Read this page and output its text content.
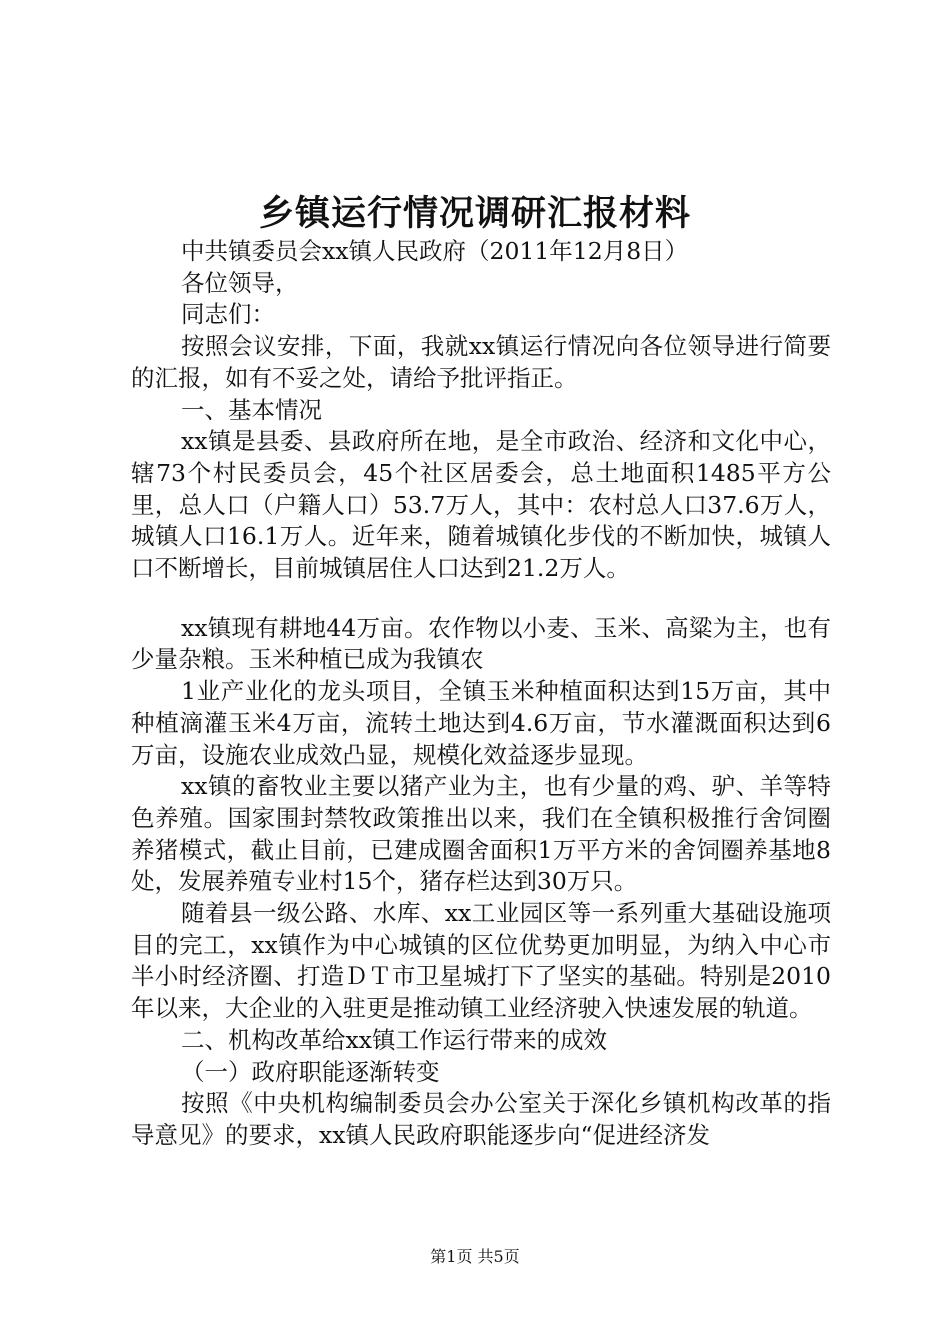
乡镇运行情况调研汇报材料

中共镇委员会xx镇人民政府（2011年12月8日）

各位领导，

同志们：

按照会议安排，下面，我就xx镇运行情况向各位领导进行简要的汇报，如有不妥之处，请给予批评指正。

一、基本情况

xx镇是县委、县政府所在地，是全市政治、经济和文化中心，辖73个村民委员会，45个社区居委会，总土地面积1485平方公里，总人口（户籍人口）53.7万人，其中：农村总人口37.6万人，城镇人口16.1万人。近年来，随着城镇化步伐的不断加快，城镇人口不断增长，目前城镇居住人口达到21.2万人。

xx镇现有耕地44万亩。农作物以小麦、玉米、高粱为主，也有少量杂粮。玉米种植已成为我镇农

1业产业化的龙头项目，全镇玉米种植面积达到15万亩，其中种植滴灌玉米4万亩，流转土地达到4.6万亩，节水灌溉面积达到6万亩，设施农业成效凸显，规模化效益逐步显现。

xx镇的畜牧业主要以猪产业为主，也有少量的鸡、驴、羊等特色养殖。国家围封禁牧政策推出以来，我们在全镇积极推行舍饲圈养猪模式，截止目前，已建成圈舍面积1万平方米的舍饲圈养基地8处，发展养殖专业村15个，猪存栏达到30万只。

随着县一级公路、水库、xx工业园区等一系列重大基础设施项目的完工，xx镇作为中心城镇的区位优势更加明显，为纳入中心市半小时经济圈、打造ＤＴ市卫星城打下了坚实的基础。特别是2010年以来，大企业的入驻更是推动镇工业经济驶入快速发展的轨道。

二、机构改革给xx镇工作运行带来的成效

（一）政府职能逐渐转变

按照《中央机构编制委员会办公室关于深化乡镇机构改革的指导意见》的要求，xx镇人民政府职能逐步向“促进经济发

第1页 共5页
